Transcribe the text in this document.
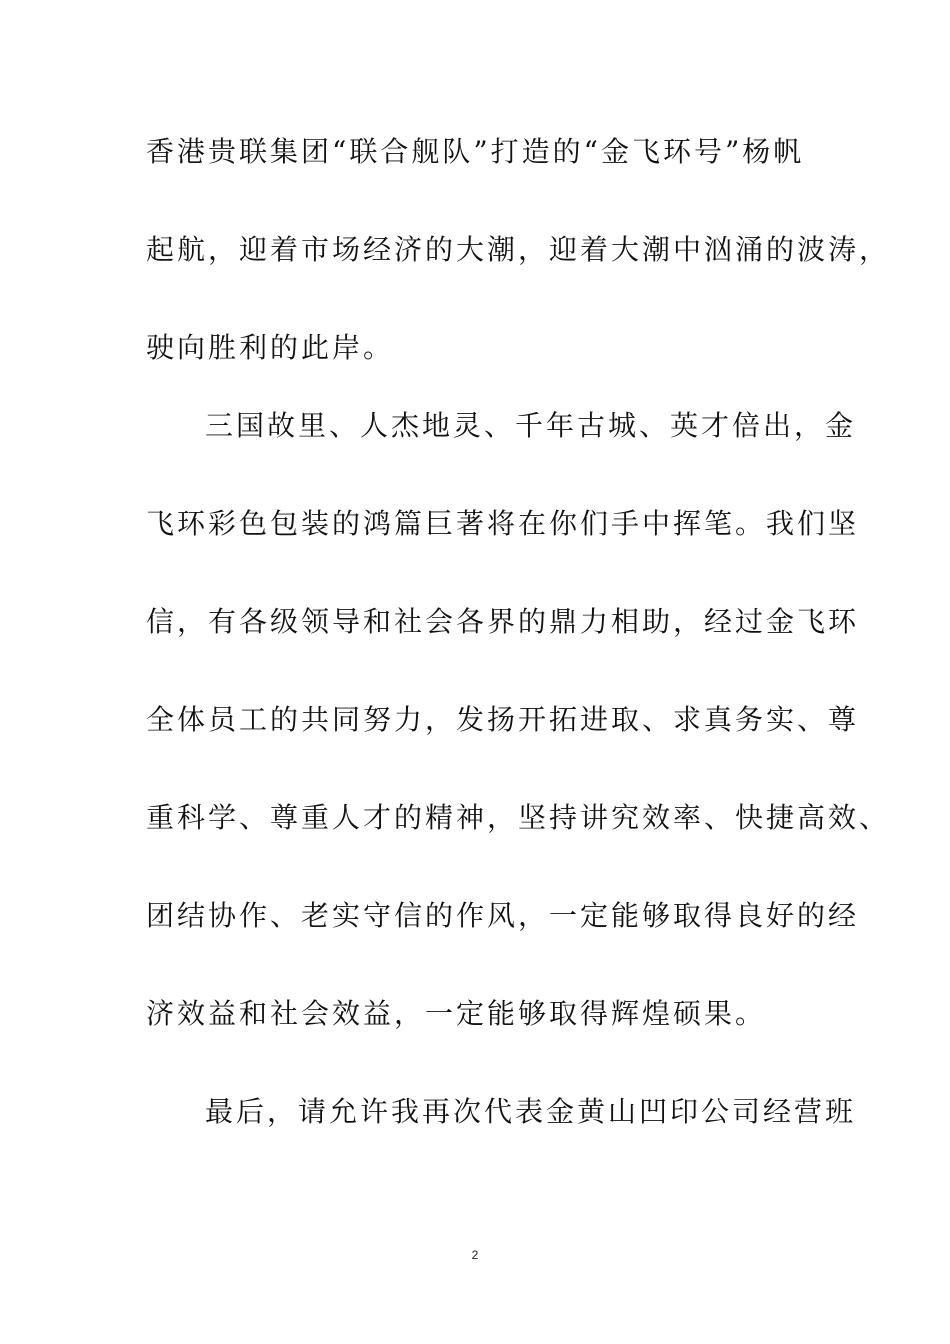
香港贵联集团“联合舰队”打造的“金飞环号”杨帆
起航，迎着市场经济的大潮，迎着大潮中汹涌的波涛，
驶向胜利的此岸。
三国故里、人杰地灵、千年古城、英才倍出，金
飞环彩色包装的鸿篇巨著将在你们手中挥笔。我们坚
信，有各级领导和社会各界的鼎力相助，经过金飞环
全体员工的共同努力，发扬开拓进取、求真务实、尊
重科学、尊重人才的精神，坚持讲究效率、快捷高效、
团结协作、老实守信的作风，一定能够取得良好的经
济效益和社会效益，一定能够取得辉煌硕果。
最后，请允许我再次代表金黄山凹印公司经营班
2
